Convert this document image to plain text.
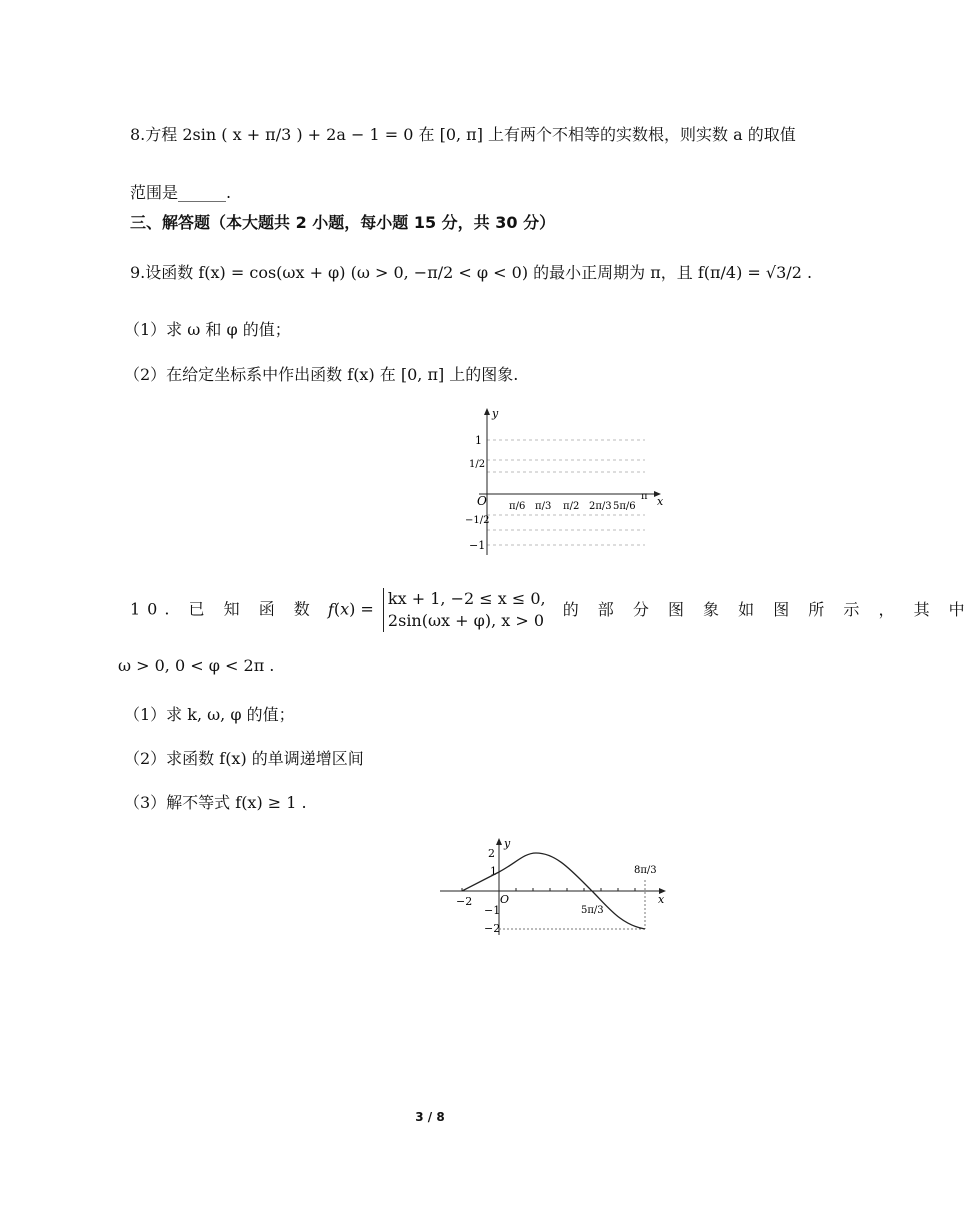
8.方程 2sin ( x + π/3 ) + 2a − 1 = 0 在 [0, π] 上有两个不相等的实数根，则实数 a 的取值
范围是______.
三、解答题（本大题共 2 小题，每小题 15 分，共 30 分）
9.设函数 f(x) = cos(ωx + φ) (ω > 0, −π/2 < φ < 0) 的最小正周期为 π，且 f(π/4) = √3/2 .
（1）求 ω 和 φ 的值；
（2）在给定坐标系中作出函数 f(x) 在 [0, π] 上的图象.
y
x
O
1
1/2
−1/2
−1
π/6 π/3 π/2 2π/3 5π/6
π
10. 已 知 函 数 f(x) =
kx + 1, −2 ≤ x ≤ 0,
2sin(ωx + φ), x > 0
的 部 分 图 象 如 图 所 示 ， 其 中
ω > 0, 0 < φ < 2π .
（1）求 k, ω, φ 的值；
（2）求函数 f(x) 的单调递增区间
（3）解不等式 f(x) ≥ 1 .
y
x
O
2
1
−1
−2
−2
5π/3
8π/3
3 / 8
